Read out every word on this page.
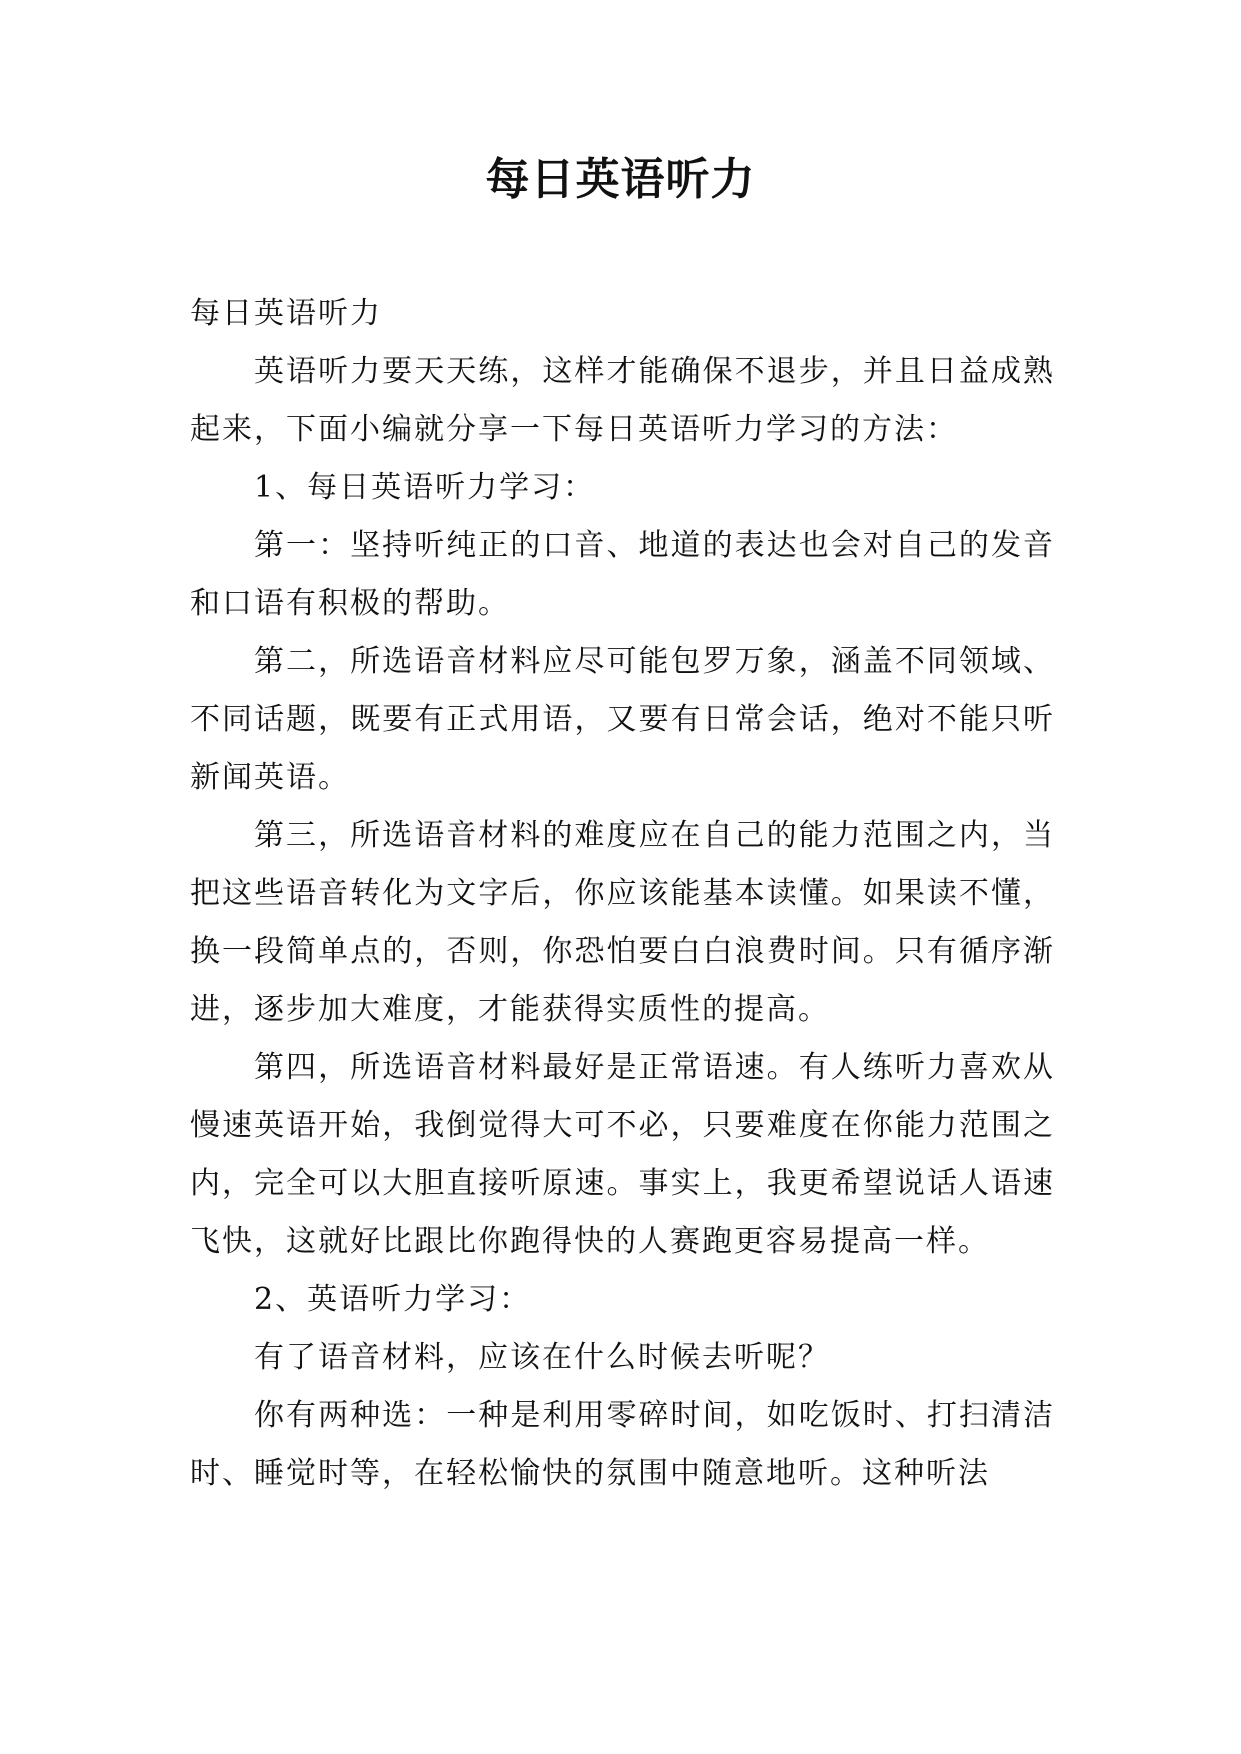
每日英语听力

每日英语听力

英语听力要天天练，这样才能确保不退步，并且日益成熟起来，下面小编就分享一下每日英语听力学习的方法：

1、每日英语听力学习：

第一：坚持听纯正的口音、地道的表达也会对自己的发音和口语有积极的帮助。

第二，所选语音材料应尽可能包罗万象，涵盖不同领域、不同话题，既要有正式用语，又要有日常会话，绝对不能只听新闻英语。

第三，所选语音材料的难度应在自己的能力范围之内，当把这些语音转化为文字后，你应该能基本读懂。如果读不懂，换一段简单点的，否则，你恐怕要白白浪费时间。只有循序渐进，逐步加大难度，才能获得实质性的提高。

第四，所选语音材料最好是正常语速。有人练听力喜欢从慢速英语开始，我倒觉得大可不必，只要难度在你能力范围之内，完全可以大胆直接听原速。事实上，我更希望说话人语速飞快，这就好比跟比你跑得快的人赛跑更容易提高一样。

2、英语听力学习：

有了语音材料，应该在什么时候去听呢？

你有两种选：一种是利用零碎时间，如吃饭时、打扫清洁时、睡觉时等，在轻松愉快的氛围中随意地听。这种听法
